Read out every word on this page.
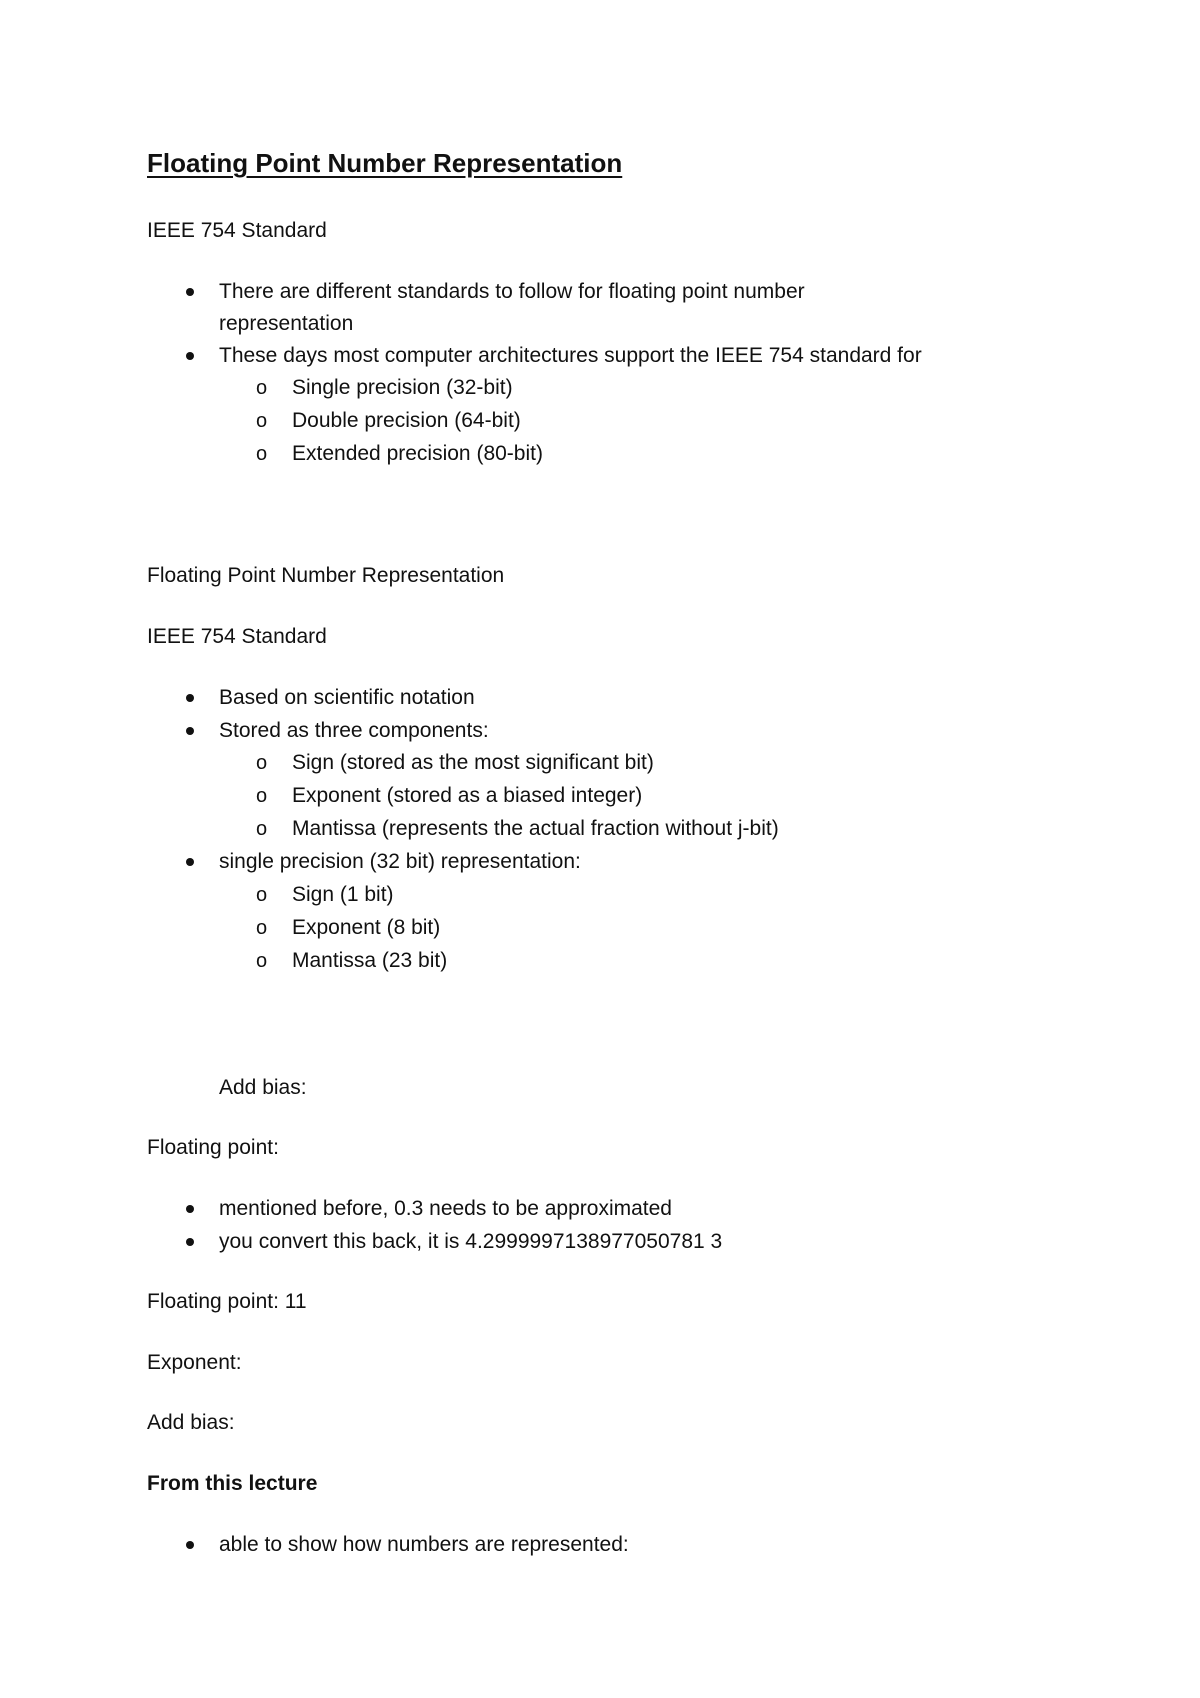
Floating Point Number Representation
IEEE 754 Standard
There are different standards to follow for floating point number
representation
These days most computer architectures support the IEEE 754 standard for
o Single precision (32-bit)
o Double precision (64-bit)
o Extended precision (80-bit)
Floating Point Number Representation
IEEE 754 Standard
Based on scientific notation
Stored as three components:
o Sign (stored as the most significant bit)
o Exponent (stored as a biased integer)
o Mantissa (represents the actual fraction without j-bit)
single precision (32 bit) representation:
o Sign (1 bit)
o Exponent (8 bit)
o Mantissa (23 bit)
Add bias:
Floating point:
mentioned before, 0.3 needs to be approximated
you convert this back, it is 4.2999997138977050781 3
Floating point: 11
Exponent:
Add bias:
From this lecture
able to show how numbers are represented:
